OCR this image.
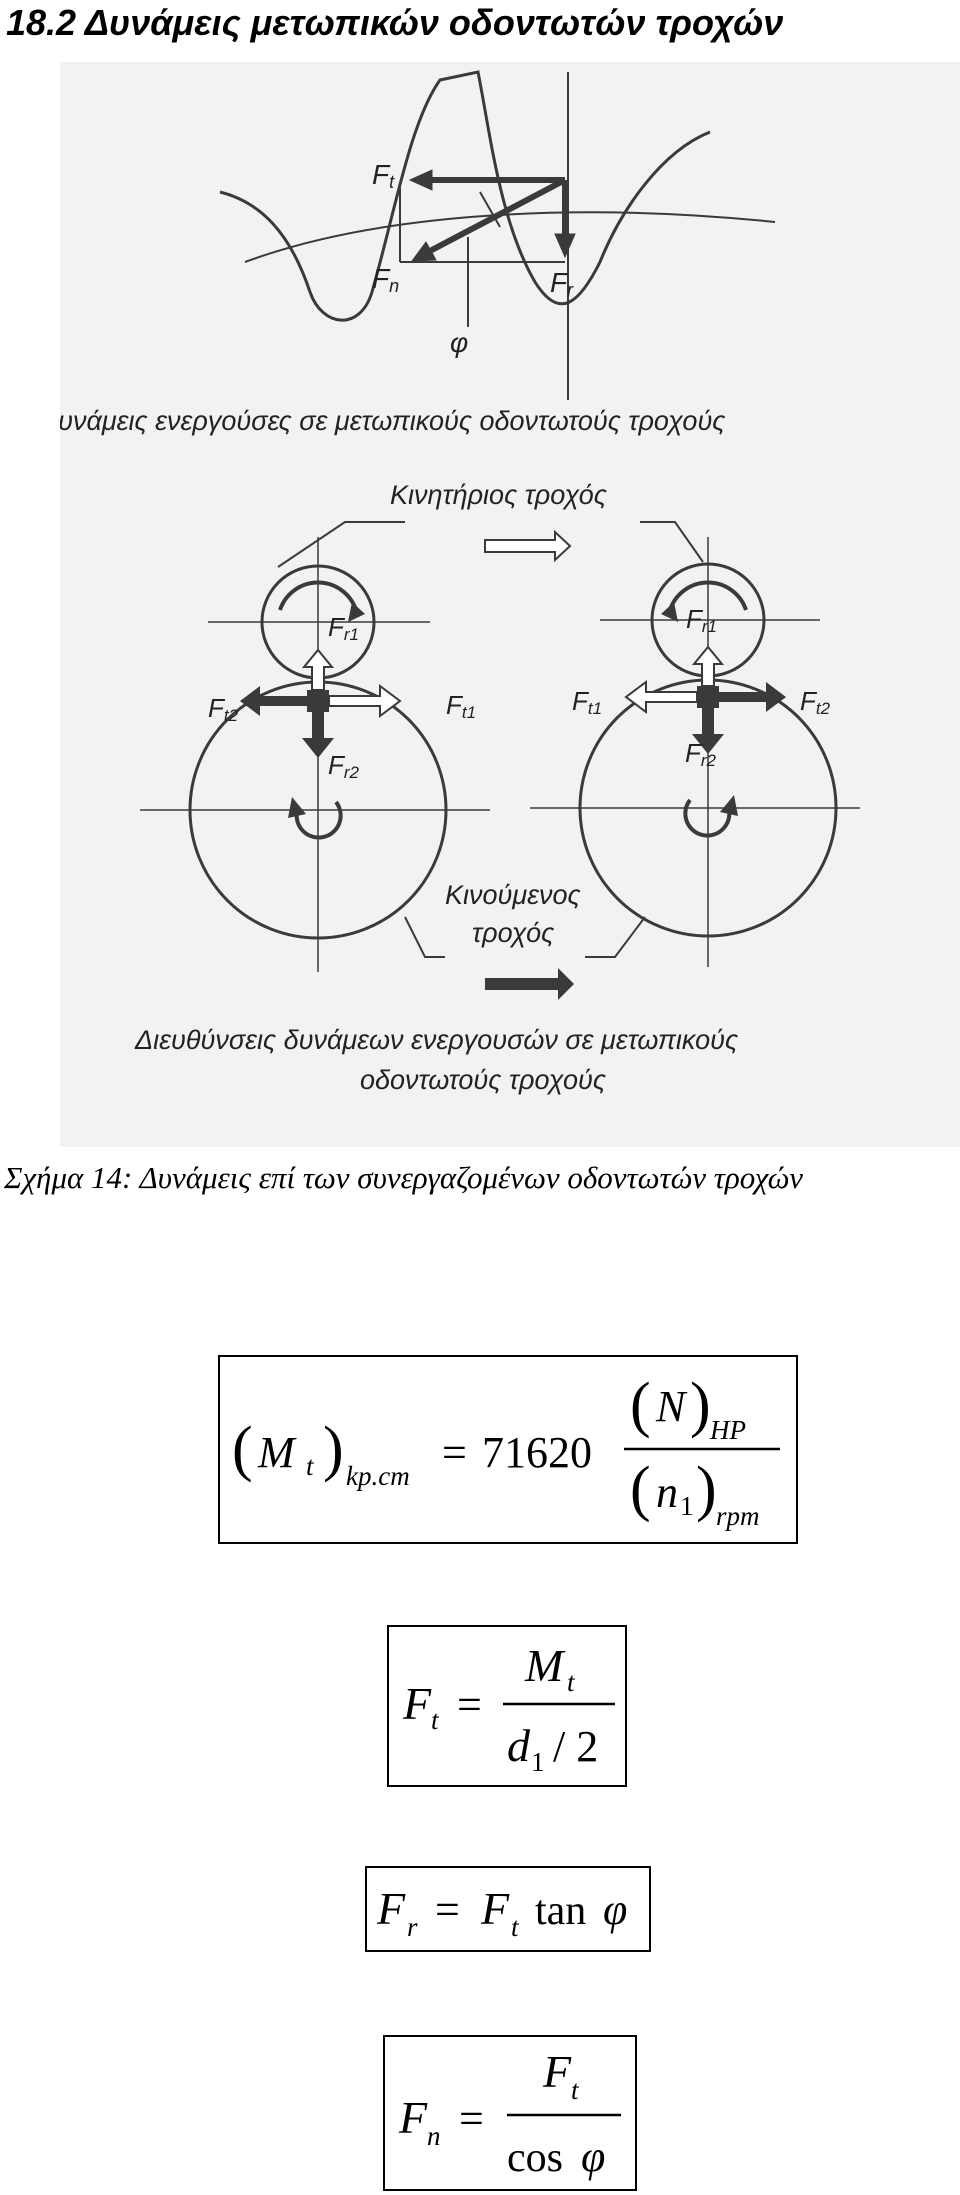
18.2 Δυνάμεις μετωπικών οδοντωτών τροχών
Ft
Fn	Fr
φ
Δυνάμεις ενεργούσες σε μετωπικούς οδοντωτούς τροχούς
Κινητήριος τροχός
Fr1
Ft2	Ft1
Fr2
Fr1
Ft1	Ft2
Fr2
Κινούμενος
τροχός
Διευθύνσεις δυνάμεων ενεργουσών σε μετωπικούς
οδοντωτούς τροχούς
Σχήμα 14: Δυνάμεις επί των συνεργαζομένων οδοντωτών τροχών
( M t ) kp.cm = 71620
( N ) HP
( n 1 ) rpm
F t =
M t
d 1 / 2
F r = F t tan φ
F n =
F t
cos φ
